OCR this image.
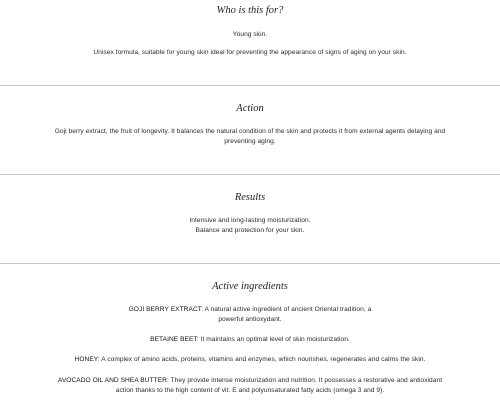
Who is this for?

Young skin.

Unisex formula, suitable for young skin ideal for preventing the appearance of signs of aging on your skin.

Action

Goji berry extract, the fruit of longevity. It balances the natural condition of the skin and protects it from external agents delaying and

preventing aging.

Results

Intensive and long-lasting moisturization.

Balance and protection for your skin.

Active ingredients

GOJI BERRY EXTRACT: A natural active ingredient of ancient Oriental tradition, a

powerful antioxydant.

BETAINE BEET: It maintains an optimal level of skin moisturization.

HONEY: A complex of amino acids, proteins, vitamins and enzymes, which nourishes, regenerates and calms the skin.

AVOCADO OIL AND SHEA BUTTER: They provide intense moisturization and nutrition. It possesses a restorative and antioxidant

action thanks to the high content of vit. E and polyunsaturated fatty acids (omega 3 and 9).
